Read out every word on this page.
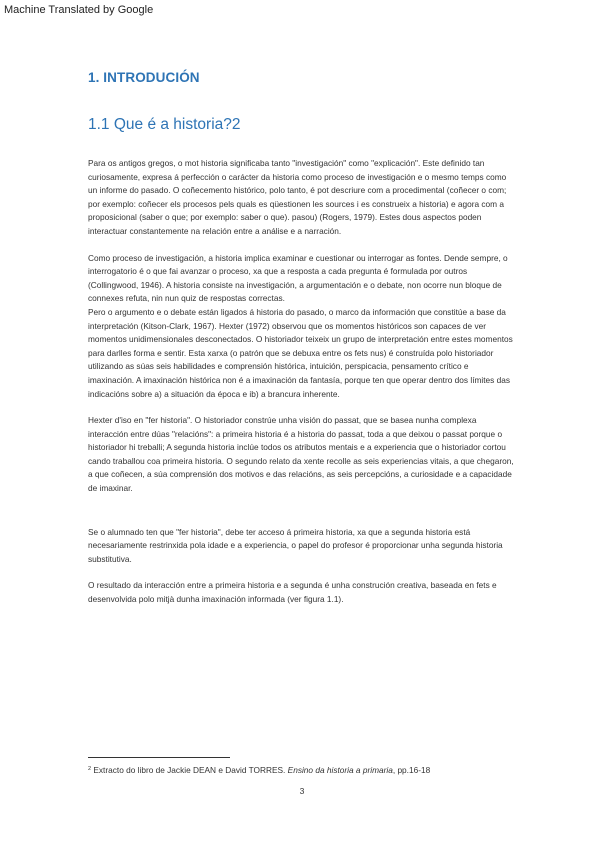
Machine Translated by Google
1. INTRODUCIÓN
1.1 Que é a historia?2

Para os antigos gregos, o mot historia significaba tanto "investigación" como "explicación". Este definido tan curiosamente, expresa á perfección o carácter da historia como proceso de investigación e o mesmo temps como un informe do pasado. O coñecemento histórico, polo tanto, é pot descriure com a procedimental (coñecer o com; por exemplo: coñecer els procesos pels quals es qüestionen les sources i es construeix a historia) e agora com a proposicional (saber o que; por exemplo: saber o que). pasou) (Rogers, 1979). Estes dous aspectos poden interactuar constantemente na relación entre a análise e a narración.

Como proceso de investigación, a historia implica examinar e cuestionar ou interrogar as fontes. Dende sempre, o interrogatorio é o que fai avanzar o proceso, xa que a resposta a cada pregunta é formulada por outros (Collingwood, 1946). A historia consiste na investigación, a argumentación e o debate, non ocorre nun bloque de connexes refuta, nin nun quiz de respostas correctas.

Pero o argumento e o debate están ligados á historia do pasado, o marco da información que constitúe a base da interpretación (Kitson-Clark, 1967). Hexter (1972) observou que os momentos históricos son capaces de ver momentos unidimensionales desconectados. O historiador teixeix un grupo de interpretación entre estes momentos para darlles forma e sentir. Esta xarxa (o patrón que se debuxa entre os fets nus) é construída polo historiador utilizando as súas seis habilidades e comprensión histórica, intuición, perspicacia, pensamento crítico e imaxinación. A imaxinación histórica non é a imaxinación da fantasía, porque ten que operar dentro dos límites das indicacións sobre a) a situación da época e ib) a brancura inherente.

Hexter d'iso en "fer historia". O historiador constrúe unha visión do passat, que se basea nunha complexa interacción entre dúas "relacións": a primeira historia é a historia do passat, toda a que deixou o passat porque o historiador hi treballi; A segunda historia inclúe todos os atributos mentais e a experiencia que o historiador cortou cando traballou coa primeira historia. O segundo relato da xente recolle as seis experiencias vitais, a que chegaron, a que coñecen, a súa comprensión dos motivos e das relacións, as seis percepcións, a curiosidade e a capacidade de imaxinar.

Se o alumnado ten que "fer historia", debe ter acceso á primeira historia, xa que a segunda historia está necesariamente restrinxida pola idade e a experiencia, o papel do profesor é proporcionar unha segunda historia substitutiva.

O resultado da interacción entre a primeira historia e a segunda é unha construción creativa, baseada en fets e desenvolvida polo mitjà dunha imaxinación informada (ver figura 1.1).

$^2$ Extracto do libro de Jackie DEAN e David TORRES. Ensino da historia a primaria, pp.16-18
3
